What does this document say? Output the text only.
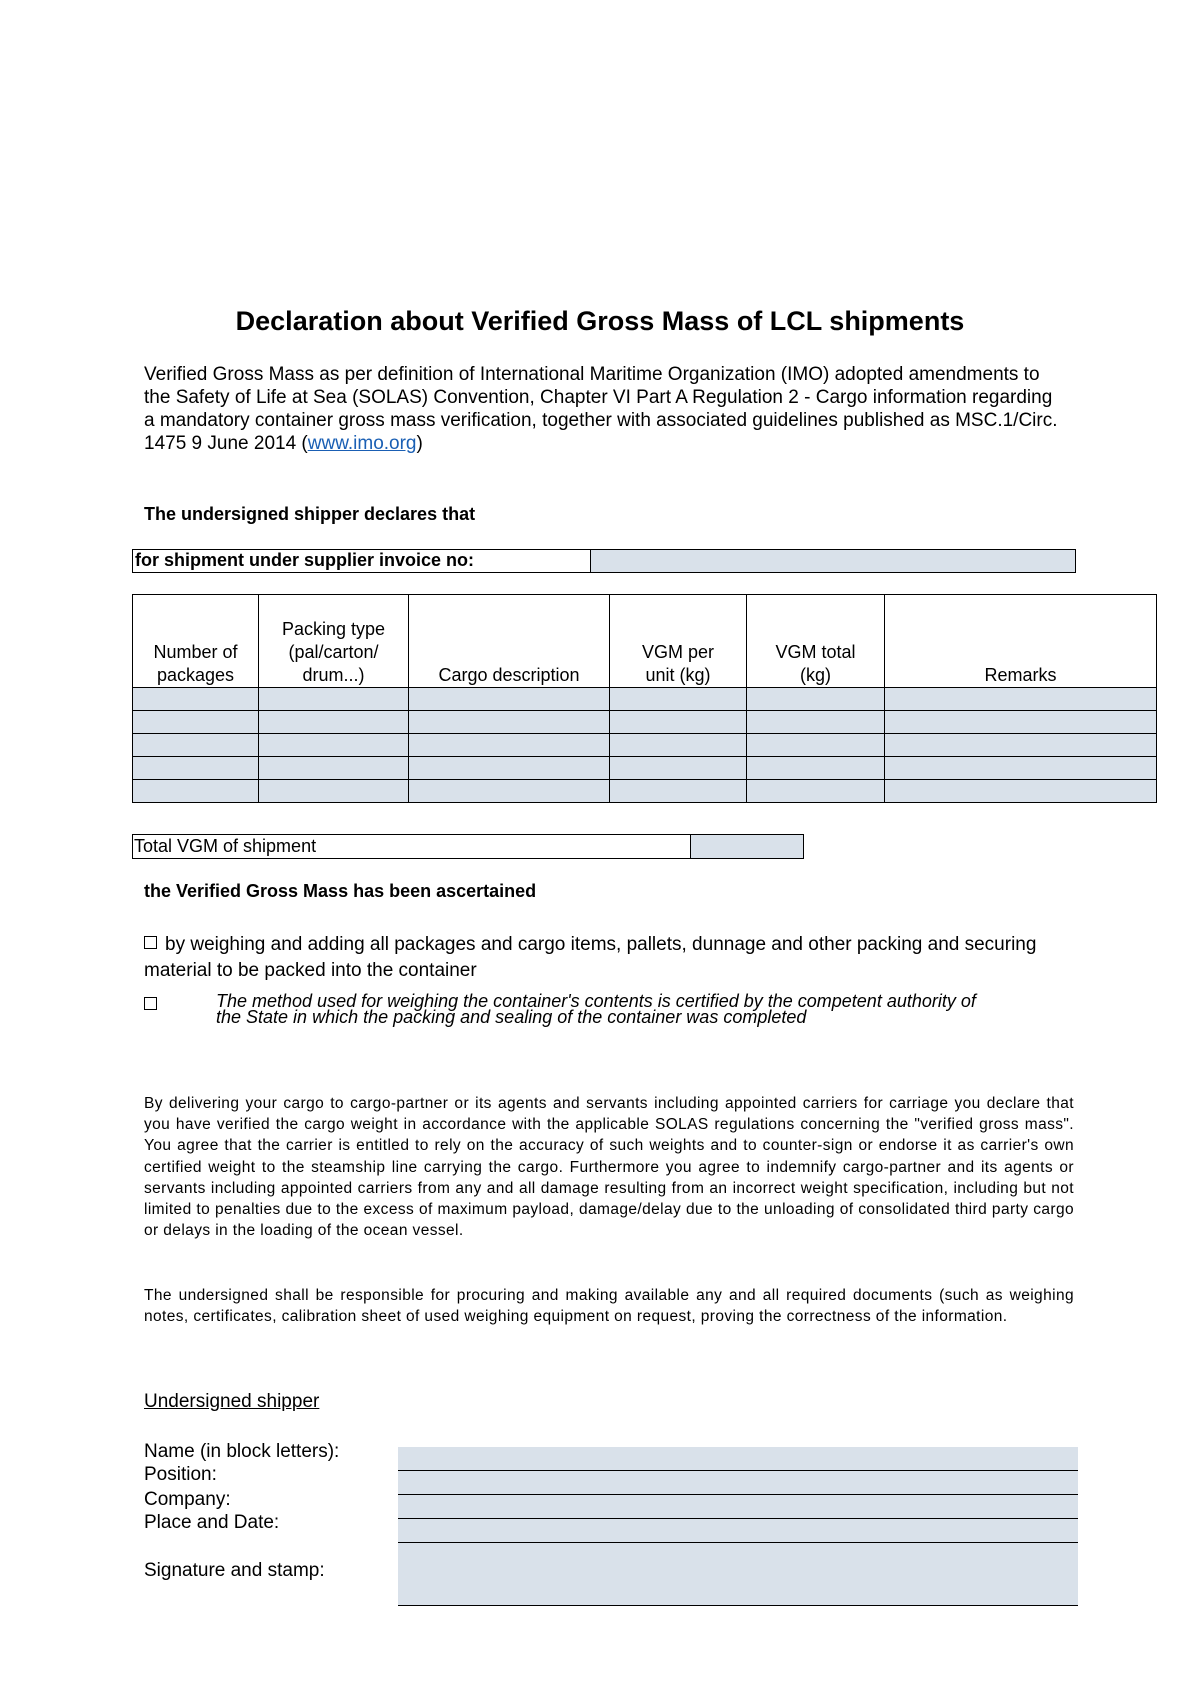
Declaration about Verified Gross Mass of LCL shipments
Verified Gross Mass as per definition of International Maritime Organization (IMO) adopted amendments to the Safety of Life at Sea (SOLAS) Convention, Chapter VI Part A Regulation 2 - Cargo information regarding a mandatory container gross mass verification, together with associated guidelines published as MSC.1/Circ. 1475 9 June 2014 (www.imo.org)
The undersigned shipper declares that
for shipment under supplier invoice no:
Number of packages	Packing type (pal/carton/ drum...)	Cargo description	VGM per unit (kg)	VGM total (kg)	Remarks

Total VGM of shipment
the Verified Gross Mass has been ascertained
by weighing and adding all packages and cargo items, pallets, dunnage and other packing and securing material to be packed into the container
The method used for weighing the container's contents is certified by the competent authority of the State in which the packing and sealing of the container was completed
By delivering your cargo to cargo-partner or its agents and servants including appointed carriers for carriage you declare that you have verified the cargo weight in accordance with the applicable SOLAS regulations concerning the "verified gross mass". You agree that the carrier is entitled to rely on the accuracy of such weights and to counter-sign or endorse it as carrier's own certified weight to the steamship line carrying the cargo. Furthermore you agree to indemnify cargo-partner and its agents or servants including appointed carriers from any and all damage resulting from an incorrect weight specification, including but not limited to penalties due to the excess of maximum payload, damage/delay due to the unloading of consolidated third party cargo or delays in the loading of the ocean vessel.
The undersigned shall be responsible for procuring and making available any and all required documents (such as weighing notes, certificates, calibration sheet of used weighing equipment on request, proving the correctness of the information.
Undersigned shipper
Name (in block letters):
Position:
Company:
Place and Date:
Signature and stamp:
